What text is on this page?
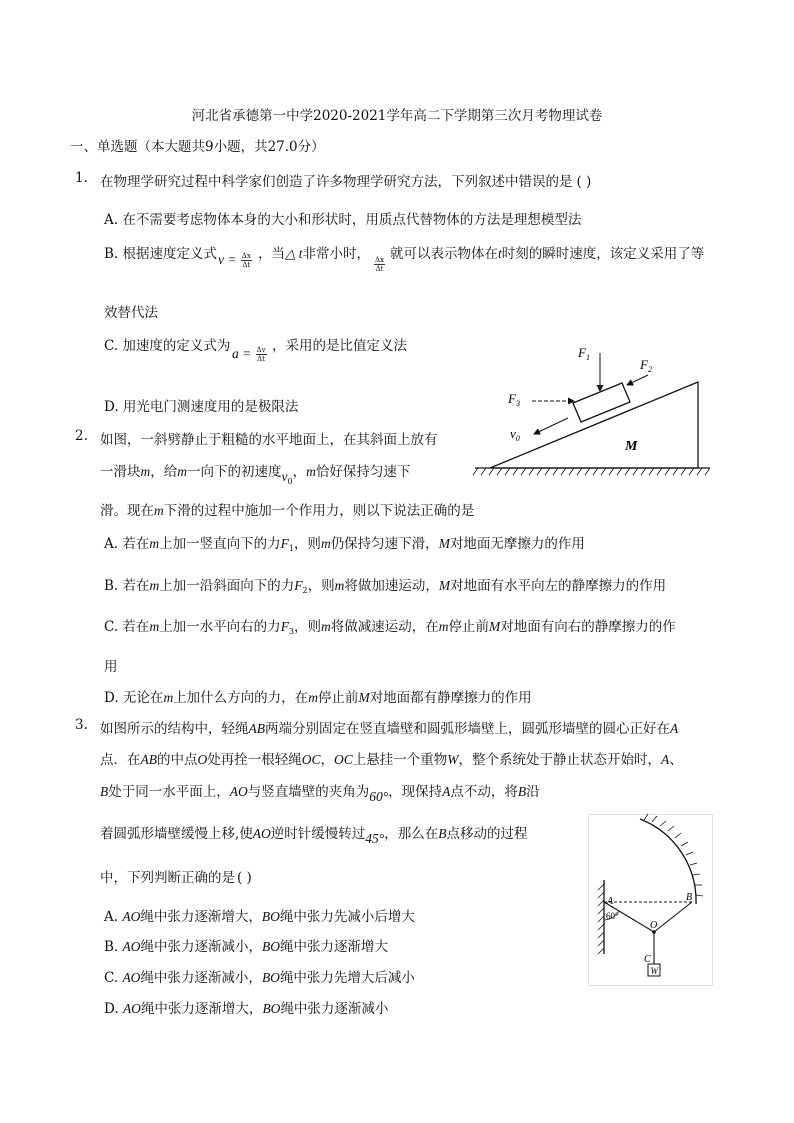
河北省承德第一中学2020-2021学年高二下学期第三次月考物理试卷
一、单选题（本大题共9小题，共27.0分）
1. 在物理学研究过程中科学家们创造了许多物理学研究方法，下列叙述中错误的是 ( )
A. 在不需要考虑物体本身的大小和形状时，用质点代替物体的方法是理想模型法
B. 根据速度定义式 $v = \frac{\Delta x}{\Delta t}$ ，当△ t非常小时，
$\frac{\Delta x}{\Delta t}$
就可以表示物体在t时刻的瞬时速度，该定义采用了等
效替代法
C. 加速度的定义式为 $a = \frac{\Delta v}{\Delta t}$ ，采用的是比值定义法
D. 用光电门测速度用的是极限法
$F_1$	$F_2$
$F_3$
$v_0$
M
2. 如图，一斜劈静止于粗糙的水平地面上，在其斜面上放有
一滑块m，给m一向下的初速度$v_0$，m恰好保持匀速下
滑。现在m下滑的过程中施加一个作用力，则以下说法正确的是
A. 若在m上加一竖直向下的力$F_1$，则m仍保持匀速下滑，M对地面无摩擦力的作用
B. 若在m上加一沿斜面向下的力$F_2$，则m将做加速运动，M对地面有水平向左的静摩擦力的作用
C. 若在m上加一水平向右的力$F_3$，则m将做减速运动，在m停止前M对地面有向右的静摩擦力的作
用
D. 无论在m上加什么方向的力，在m停止前M对地面都有静摩擦力的作用
3. 如图所示的结构中，轻绳AB两端分别固定在竖直墙壁和圆弧形墙壁上，圆弧形墙壁的圆心正好在A
点．在AB的中点O处再拴一根轻绳OC，OC上悬挂一个重物W，整个系统处于静止状态开始时，A、
B处于同一水平面上，AO与竖直墙壁的夹角为60°，现保持A点不动，将B沿
着圆弧形墙壁缓慢上移,使AO逆时针缓慢转过45°，那么在B点移动的过程
中，下列判断正确的是 ( )
A. AO绳中张力逐渐增大，BO绳中张力先减小后增大
B. AO绳中张力逐渐减小，BO绳中张力逐渐增大
C. AO绳中张力逐渐减小，BO绳中张力先增大后减小
D. AO绳中张力逐渐增大，BO绳中张力逐渐减小
A	B
O
C
W
60°
